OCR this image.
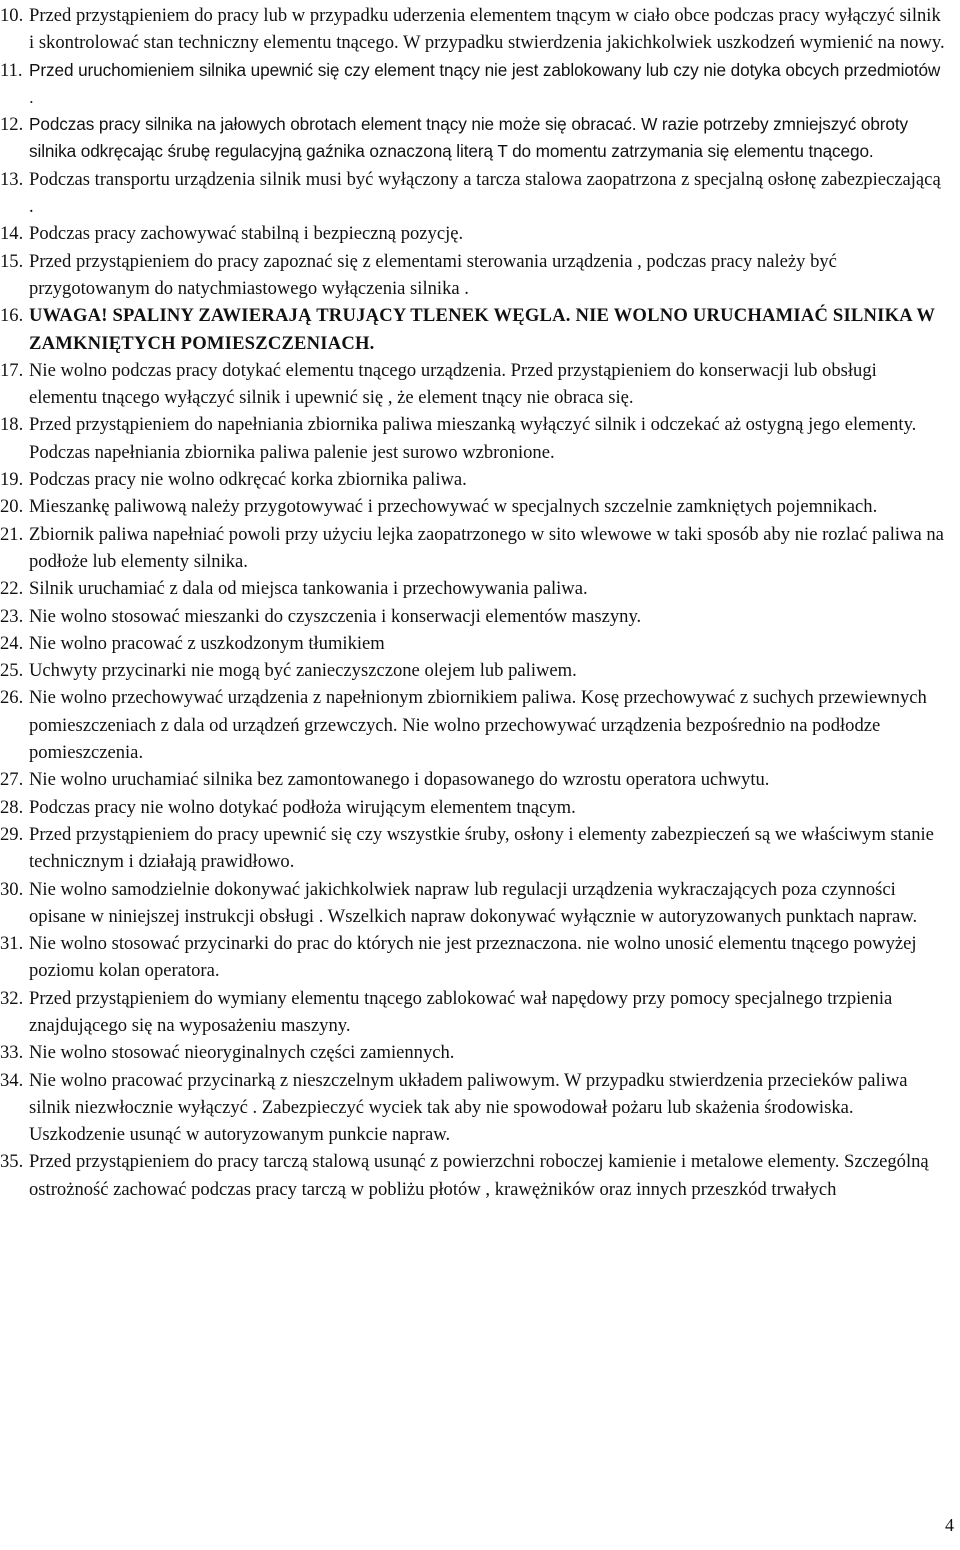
10. Przed przystąpieniem do pracy lub w przypadku uderzenia elementem tnącym w ciało obce podczas pracy wyłączyć silnik i skontrolować stan techniczny elementu tnącego. W przypadku stwierdzenia jakichkolwiek uszkodzeń wymienić na nowy.
11. Przed uruchomieniem silnika upewnić się czy element tnący nie jest zablokowany lub czy nie dotyka obcych przedmiotów .
12. Podczas pracy silnika na jałowych obrotach element tnący nie może się obracać. W razie potrzeby zmniejszyć obroty silnika odkręcając śrubę regulacyjną gaźnika oznaczoną literą T do momentu zatrzymania się elementu tnącego.
13. Podczas transportu urządzenia silnik musi być wyłączony a tarcza stalowa zaopatrzona z specjalną osłonę zabezpieczającą .
14. Podczas pracy zachowywać stabilną i bezpieczną pozycję.
15. Przed przystąpieniem do pracy zapoznać się z elementami sterowania urządzenia , podczas pracy należy być przygotowanym do natychmiastowego wyłączenia silnika .
16. UWAGA! SPALINY ZAWIERAJĄ TRUJĄCY TLENEK WĘGLA. NIE WOLNO URUCHAMIAĆ SILNIKA W ZAMKNIĘTYCH POMIESZCZENIACH.
17. Nie wolno podczas pracy dotykać elementu tnącego urządzenia. Przed przystąpieniem do konserwacji lub obsługi elementu tnącego wyłączyć silnik i upewnić się , że element tnący nie obraca się.
18. Przed przystąpieniem do napełniania zbiornika paliwa mieszanką wyłączyć silnik i odczekać aż ostygną jego elementy. Podczas napełniania zbiornika paliwa palenie jest surowo wzbronione.
19. Podczas pracy nie wolno odkręcać korka zbiornika paliwa.
20. Mieszankę paliwową należy przygotowywać i przechowywać w specjalnych szczelnie zamkniętych pojemnikach.
21. Zbiornik paliwa napełniać powoli przy użyciu lejka zaopatrzonego w sito wlewowe w taki sposób aby nie rozlać paliwa na podłoże lub elementy silnika.
22. Silnik uruchamiać z dala od miejsca tankowania i przechowywania paliwa.
23. Nie wolno stosować mieszanki do czyszczenia i konserwacji elementów maszyny.
24. Nie wolno pracować z uszkodzonym tłumikiem
25. Uchwyty przycinarki nie mogą być zanieczyszczone olejem lub paliwem.
26. Nie wolno przechowywać urządzenia z napełnionym zbiornikiem paliwa. Kosę przechowywać z suchych przewiewnych pomieszczeniach z dala od urządzeń grzewczych. Nie wolno przechowywać urządzenia bezpośrednio na podłodze pomieszczenia.
27. Nie wolno uruchamiać silnika bez zamontowanego i dopasowanego do wzrostu operatora uchwytu.
28. Podczas pracy nie wolno dotykać podłoża wirującym elementem tnącym.
29. Przed przystąpieniem do pracy upewnić się czy wszystkie śruby, osłony i elementy zabezpieczeń są we właściwym stanie technicznym i działają prawidłowo.
30. Nie wolno samodzielnie dokonywać jakichkolwiek napraw lub regulacji urządzenia wykraczających poza czynności opisane w niniejszej instrukcji obsługi . Wszelkich napraw dokonywać wyłącznie w autoryzowanych punktach napraw.
31. Nie wolno stosować przycinarki do prac do których nie jest przeznaczona. nie wolno unosić elementu tnącego powyżej poziomu kolan operatora.
32. Przed przystąpieniem do wymiany elementu tnącego zablokować wał napędowy przy pomocy specjalnego trzpienia znajdującego się na wyposażeniu maszyny.
33. Nie wolno stosować nieoryginalnych części zamiennych.
34. Nie wolno pracować przycinarką z nieszczelnym układem paliwowym. W przypadku stwierdzenia przecieków paliwa silnik niezwłocznie wyłączyć . Zabezpieczyć wyciek tak aby nie spowodował pożaru lub skażenia środowiska. Uszkodzenie usunąć w autoryzowanym punkcie napraw.
35. Przed przystąpieniem do pracy tarczą stalową usunąć z powierzchni roboczej kamienie i metalowe elementy. Szczególną ostrożność zachować podczas pracy tarczą w pobliżu płotów , krawężników oraz innych przeszkód trwałych
4
